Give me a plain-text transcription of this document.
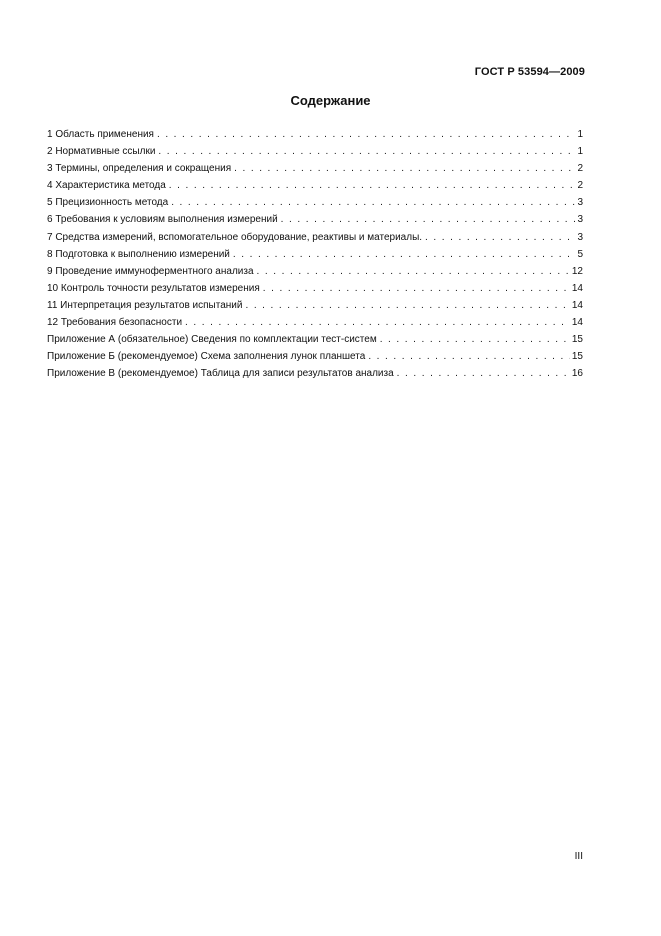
ГОСТ Р 53594—2009
Содержание
1 Область применения . . .	1
2 Нормативные ссылки . . .	1
3 Термины, определения и сокращения . . .	2
4 Характеристика метода . . .	2
5 Прецизионность метода . . .	3
6 Требования к условиям выполнения измерений . . .	3
7 Средства измерений, вспомогательное оборудование, реактивы и материалы. . . .	3
8 Подготовка к выполнению измерений . . .	5
9 Проведение иммуноферментного анализа . . .	12
10 Контроль точности результатов измерения . . .	14
11 Интерпретация результатов испытаний . . .	14
12 Требования безопасности . . .	14
Приложение А (обязательное) Сведения по комплектации тест-систем . . .	15
Приложение Б (рекомендуемое) Схема заполнения лунок планшета . . .	15
Приложение В (рекомендуемое) Таблица для записи результатов анализа . . .	16
III
